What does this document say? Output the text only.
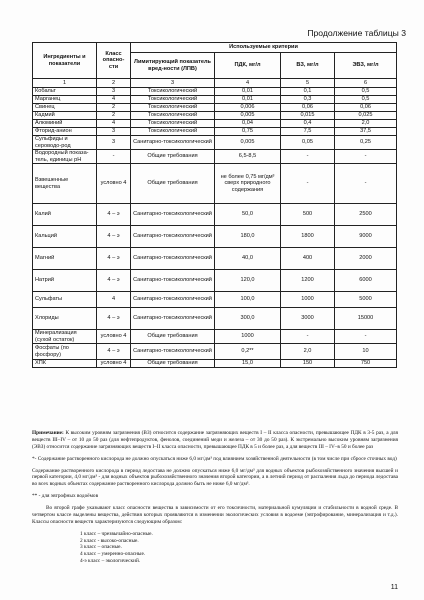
Продолжение таблицы 3
Ингредиенты и показатели	Класс опасно-сти	Используемые критерии			
		Лимитирующий показатель вред-ности (ЛПВ)	ПДК, мг/л	ВЗ, мг/л	ЭВЗ, мг/л
1	2	3	4	5	6
Кобальт	3	Токсикологический	0,01	0,1	0,5
Марганец	4	Токсикологический	0,01	0,3	0,5
Свинец	2	Токсикологический	0,006	0,06	0,06
Кадмий	2	Токсикологический	0,005	0,015	0,025
Алюминий	4	Токсикологический	0,04	0,4	2,0
Фторид-анион	3	Токсикологический	0,75	7,5	37,5
Сульфиды и сероводо-род	3	Санитарно-токсикологический	0,005	0,05	0,25
Водородный показа-тель, единицы рН	-	Общие требования	6,5-8,5	-	-
Взвешенные вещества	условно 4	Общие требования	не более 0,75 мг/дм³ сверх природного содержания	-	-
Калий	4 – э	Санитарно-токсикологический	50,0	500	2500
Кальций	4 – э	Санитарно-токсикологический	180,0	1800	9000
Магний	4 – э	Санитарно-токсикологический	40,0	400	2000
Натрий	4 – э	Санитарно-токсикологический	120,0	1200	6000
Сульфаты	4	Санитарно-токсикологический	100,0	1000	5000
Хлориды	4 – э	Санитарно-токсикологический	300,0	3000	15000
Минерализация (сухой остаток)	условно 4	Общие требования	1000	-	-
Фосфаты (по фосфору)	4 – э	Санитарно-токсикологический	0,2**	2,0	10
ХПК	условно 4	Общие требования	15,0	150	750

Примечание: К высоким уровням загрязнения (ВЗ) относится содержание загрязняющих веществ I – II класса опасности, превышающее ПДК в 3-5 раз, а для веществ III–IV – от 10 до 50 раз (для нефтепродуктов, фенолов, соединений меди и железа – от 30 до 50 раз). К экстремально высоким уровням загрязнения (ЭВЗ) относится содержание загрязняющих веществ I–II класса опасности, превышающее ПДК в 5 и более раз, а для веществ III – IV–в 50 и более раз

*- Содержание растворенного кислорода не должно опускаться ниже 6,0 мг/дм³ под влиянием хозяйственной деятельности (в том числе при сбросе сточных вод)

Содержание растворенного кислорода в период ледостава не должно опускаться ниже 6,0 мг/дм³ для водных объектов рыбохозяйственного значения высшей и первой категории, 4,0 мг/дм³ - для водных объектов рыбохозяйственного значения второй категории, а в летний период от распаления льда до периода ледостава во всех водных объектах содержание растворенного кислорода должно быть не ниже 6,0 мг/дм³.

** - для эвтрофных водоёмов

Во второй графе указывают класс опасности вещества в зависимости от его токсичности, материальной кумуляции и стабильности в водной среде. В четвертом классе выделены вещества, действия которых проявляются в изменении экологических условия в водоеме (эвтрофирование, минерализация и т.д.). Классы опасности веществ характеризуются следующим образом:

1 класс – чрезвычайно-опасные.
2 класс - высоко-опасные.
3 класс – опасные.
4 класс – умеренно-опасные.
4-э класс – экологический.
11
